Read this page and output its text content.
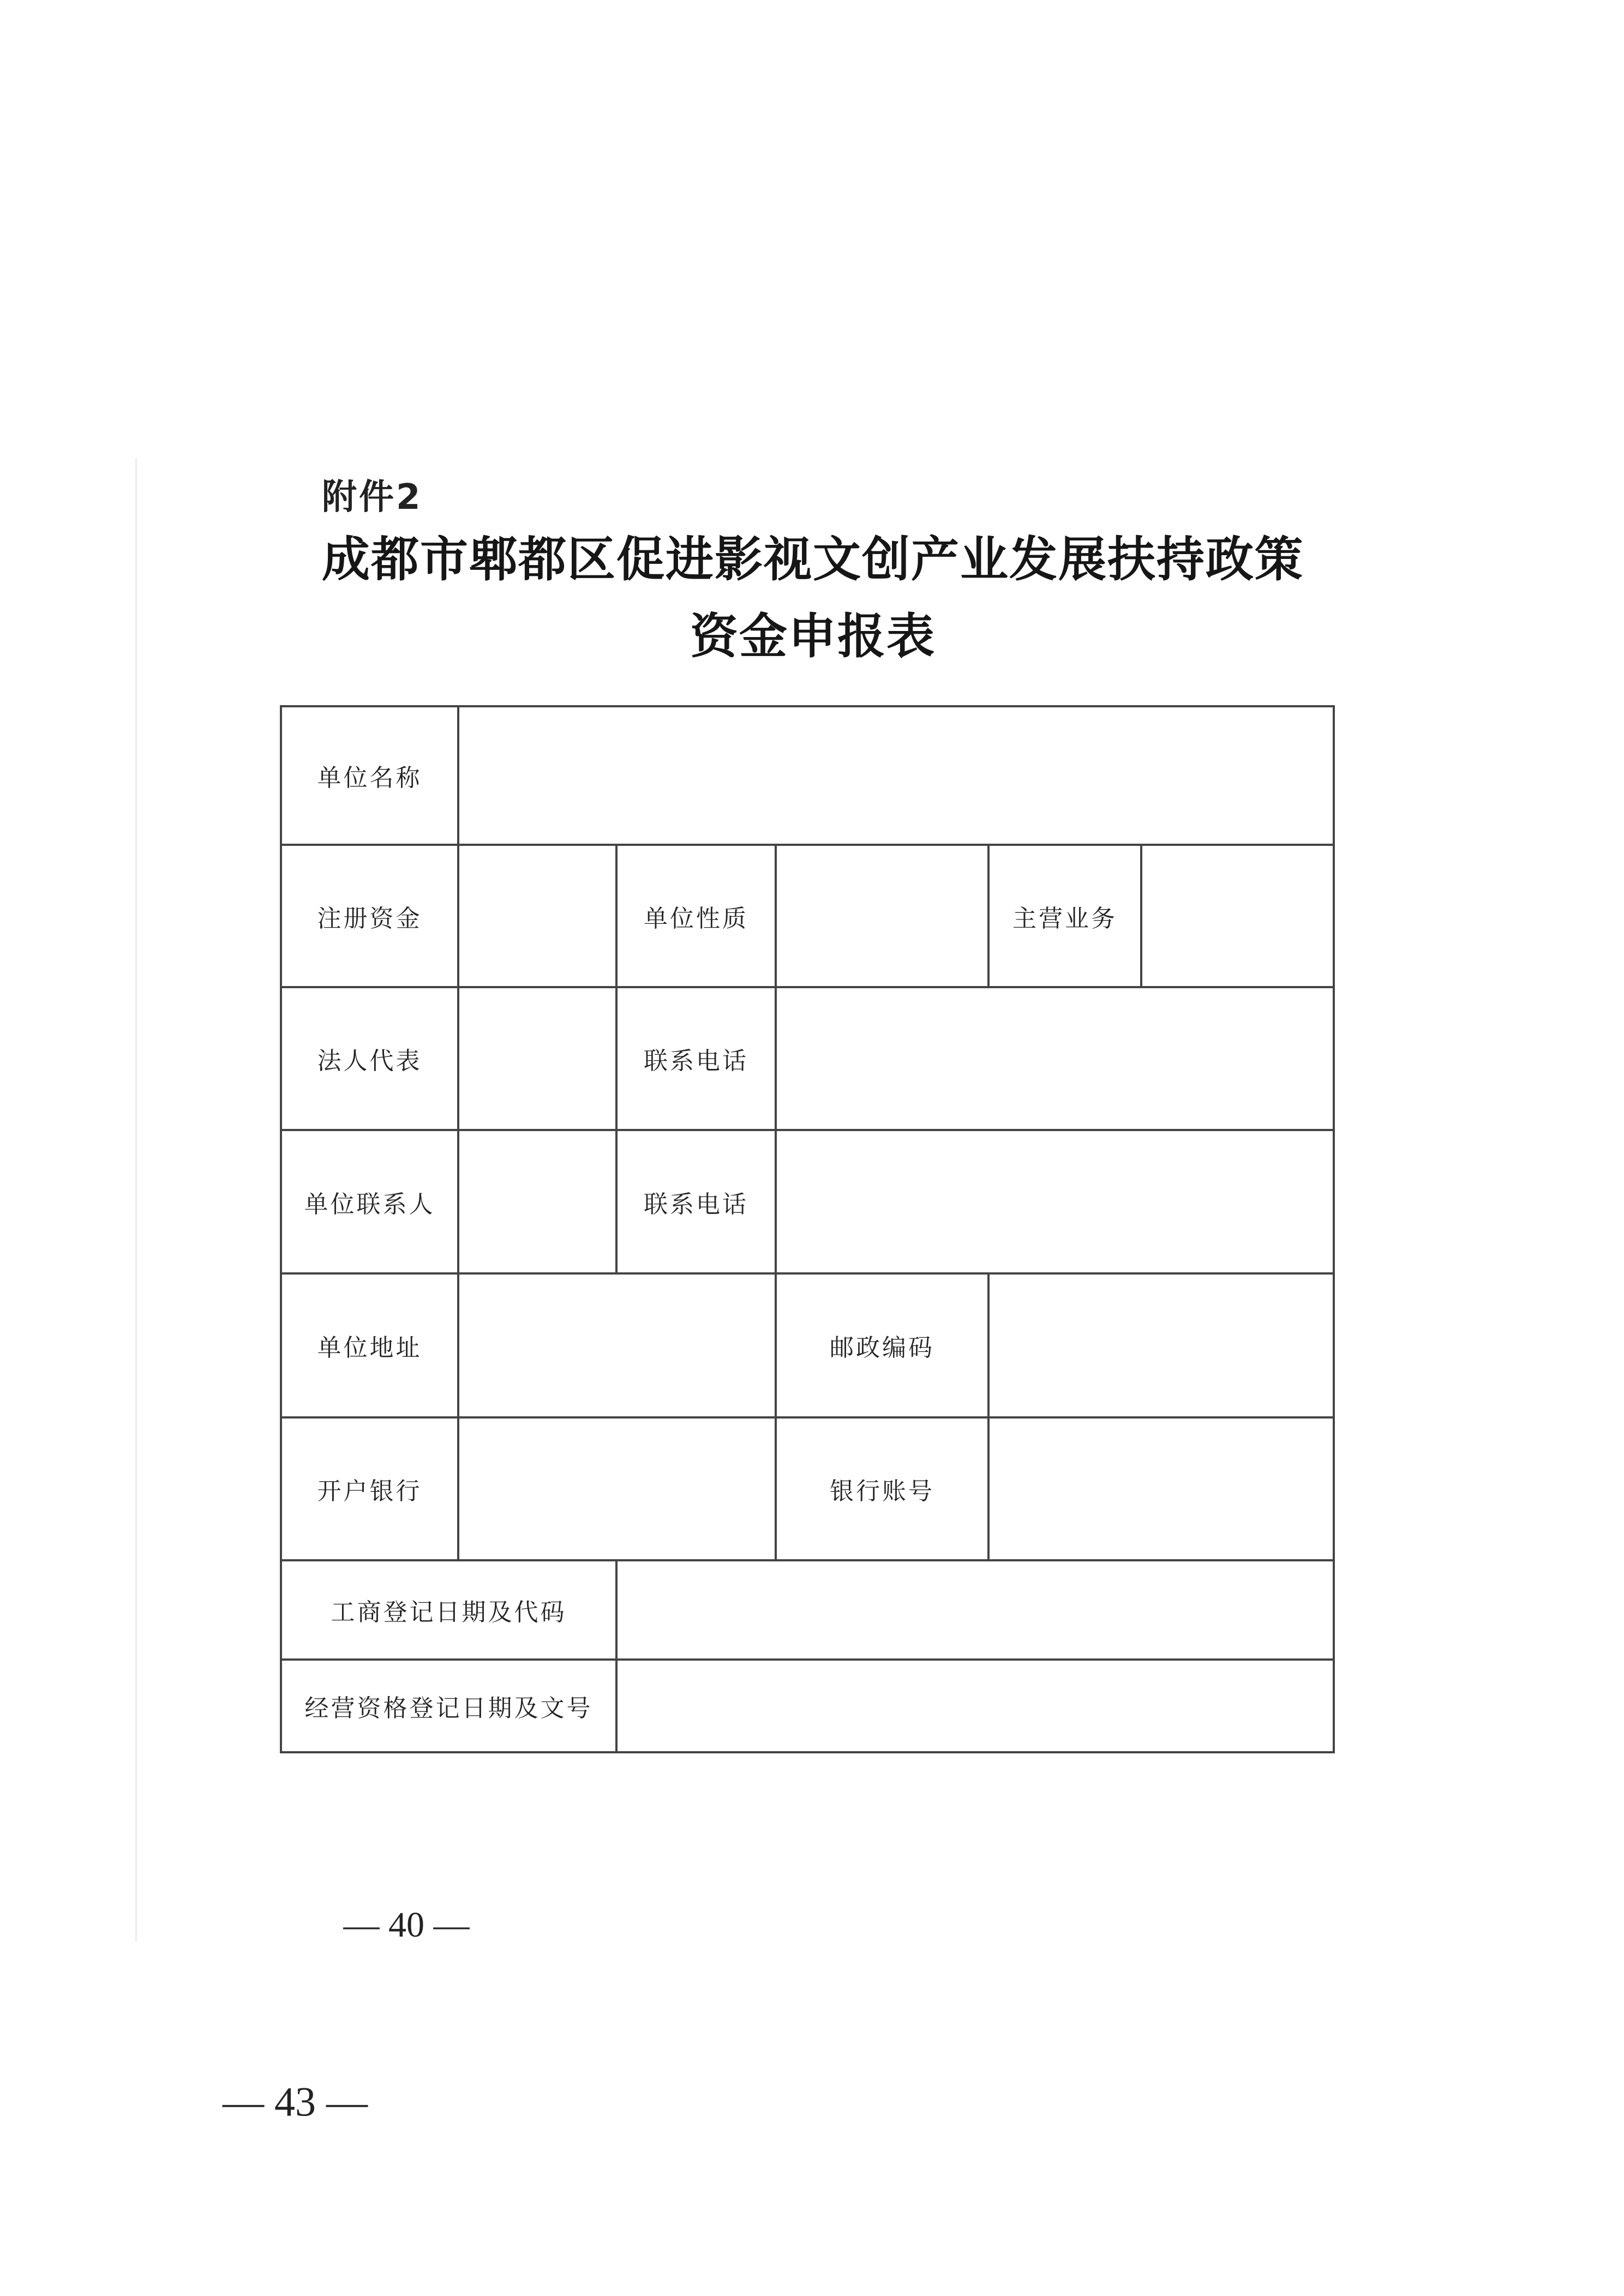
附件2
成都市郫都区促进影视文创产业发展扶持政策
资金申报表
单位名称					
注册资金		单位性质		主营业务	
法人代表		联系电话			
单位联系人		联系电话			
单位地址			邮政编码		
开户银行			银行账号		
工商登记日期及代码					
经营资格登记日期及文号					
— 40 —
— 43 —
